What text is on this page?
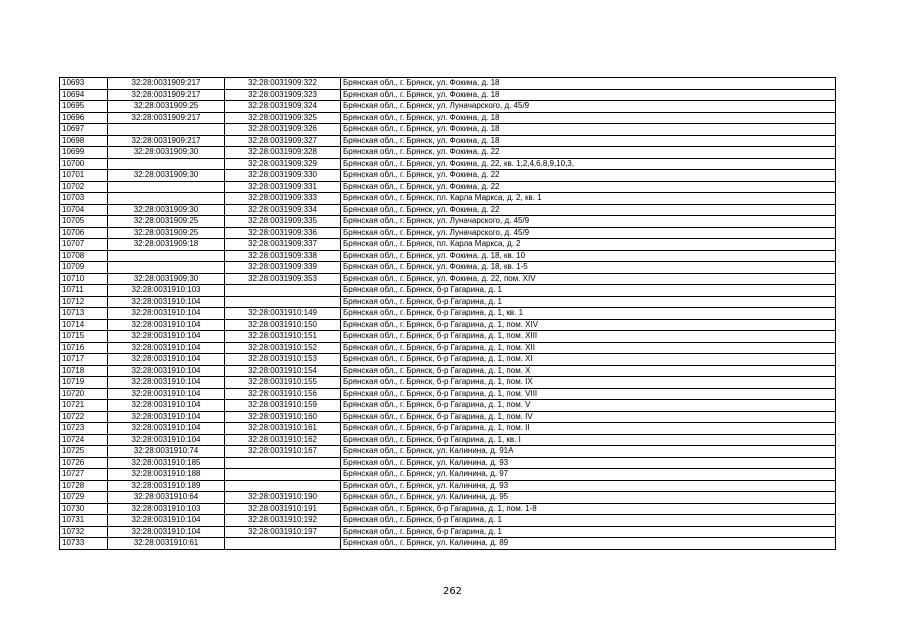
10693	32:28:0031909:217	32:28:0031909:322	Брянская обл., г. Брянск, ул. Фокина, д. 18
10694	32:28:0031909:217	32:28:0031909:323	Брянская обл., г. Брянск, ул. Фокина, д. 18
10695	32:28:0031909:25	32:28:0031909:324	Брянская обл., г. Брянск, ул. Луначарского, д. 45/9
10696	32:28:0031909:217	32:28:0031909:325	Брянская обл., г. Брянск, ул. Фокина, д. 18
10697		32:28:0031909:326	Брянская обл., г. Брянск, ул. Фокина, д. 18
10698	32:28:0031909:217	32:28:0031909:327	Брянская обл., г. Брянск, ул. Фокина, д. 18
10699	32:28:0031909:30	32:28:0031909:328	Брянская обл., г. Брянск, ул. Фокина, д. 22
10700		32:28:0031909:329	Брянская обл., г. Брянск, ул. Фокина, д. 22, кв. 1,2,4,6,8,9,10,3,
10701	32:28:0031909:30	32:28:0031909:330	Брянская обл., г. Брянск, ул. Фокина, д. 22
10702		32:28:0031909:331	Брянская обл., г. Брянск, ул. Фокина, д. 22
10703		32:28:0031909:333	Брянская обл., г. Брянск, пл. Карла Маркса, д. 2, кв. 1
10704	32:28:0031909:30	32:28:0031909:334	Брянская обл., г. Брянск, ул. Фокина, д. 22
10705	32:28:0031909:25	32:28:0031909:335	Брянская обл., г. Брянск, ул. Луначарского, д. 45/9
10706	32:28:0031909:25	32:28:0031909:336	Брянская обл., г. Брянск, ул. Луначарского, д. 45/9
10707	32:28:0031909:18	32:28:0031909:337	Брянская обл., г. Брянск, пл. Карла Маркса, д. 2
10708		32:28:0031909:338	Брянская обл., г. Брянск, ул. Фокина, д. 18, кв. 10
10709		32:28:0031909:339	Брянская обл., г. Брянск, ул. Фокина, д. 18, кв. 1-5
10710	32:28:0031909:30	32:28:0031909:353	Брянская обл., г. Брянск, ул. Фокина, д. 22, пом. XIV
10711	32:28:0031910:103		Брянская обл., г. Брянск, б-р Гагарина, д. 1
10712	32:28:0031910:104		Брянская обл., г. Брянск, б-р Гагарина, д. 1
10713	32:28:0031910:104	32:28:0031910:149	Брянская обл., г. Брянск, б-р Гагарина, д. 1, кв. 1
10714	32:28:0031910:104	32:28:0031910:150	Брянская обл., г. Брянск, б-р Гагарина, д. 1, пом. XIV
10715	32:28:0031910:104	32:28:0031910:151	Брянская обл., г. Брянск, б-р Гагарина, д. 1, пом. XIII
10716	32:28:0031910:104	32:28:0031910:152	Брянская обл., г. Брянск, б-р Гагарина, д. 1, пом. XII
10717	32:28:0031910:104	32:28:0031910:153	Брянская обл., г. Брянск, б-р Гагарина, д. 1, пом. XI
10718	32:28:0031910:104	32:28:0031910:154	Брянская обл., г. Брянск, б-р Гагарина, д. 1, пом. X
10719	32:28:0031910:104	32:28:0031910:155	Брянская обл., г. Брянск, б-р Гагарина, д. 1, пом. IX
10720	32:28:0031910:104	32:28:0031910:156	Брянская обл., г. Брянск, б-р Гагарина, д. 1, пом. VIII
10721	32:28:0031910:104	32:28:0031910:159	Брянская обл., г. Брянск, б-р Гагарина, д. 1, пом. V
10722	32:28:0031910:104	32:28:0031910:160	Брянская обл., г. Брянск, б-р Гагарина, д. 1, пом. IV
10723	32:28:0031910:104	32:28:0031910:161	Брянская обл., г. Брянск, б-р Гагарина, д. 1, пом. II
10724	32:28:0031910:104	32:28:0031910:162	Брянская обл., г. Брянск, б-р Гагарина, д. 1, кв. I
10725	32:28:0031910:74	32:28:0031910:167	Брянская обл., г. Брянск, ул. Калинина, д. 91А
10726	32:28:0031910:185		Брянская обл., г. Брянск, ул. Калинина, д. 93
10727	32:28:0031910:188		Брянская обл., г. Брянск, ул. Калинина, д. 97
10728	32:28:0031910:189		Брянская обл., г. Брянск, ул. Калинина, д. 93
10729	32:28:0031910:64	32:28:0031910:190	Брянская обл., г. Брянск, ул. Калинина, д. 95
10730	32:28:0031910:103	32:28:0031910:191	Брянская обл., г. Брянск, б-р Гагарина, д. 1, пом. 1-8
10731	32:28:0031910:104	32:28:0031910:192	Брянская обл., г. Брянск, б-р Гагарина, д. 1
10732	32:28:0031910:104	32:28:0031910:197	Брянская обл., г. Брянск, б-р Гагарина, д. 1
10733	32:28:0031910:61		Брянская обл., г. Брянск, ул. Калинина, д. 89
262
